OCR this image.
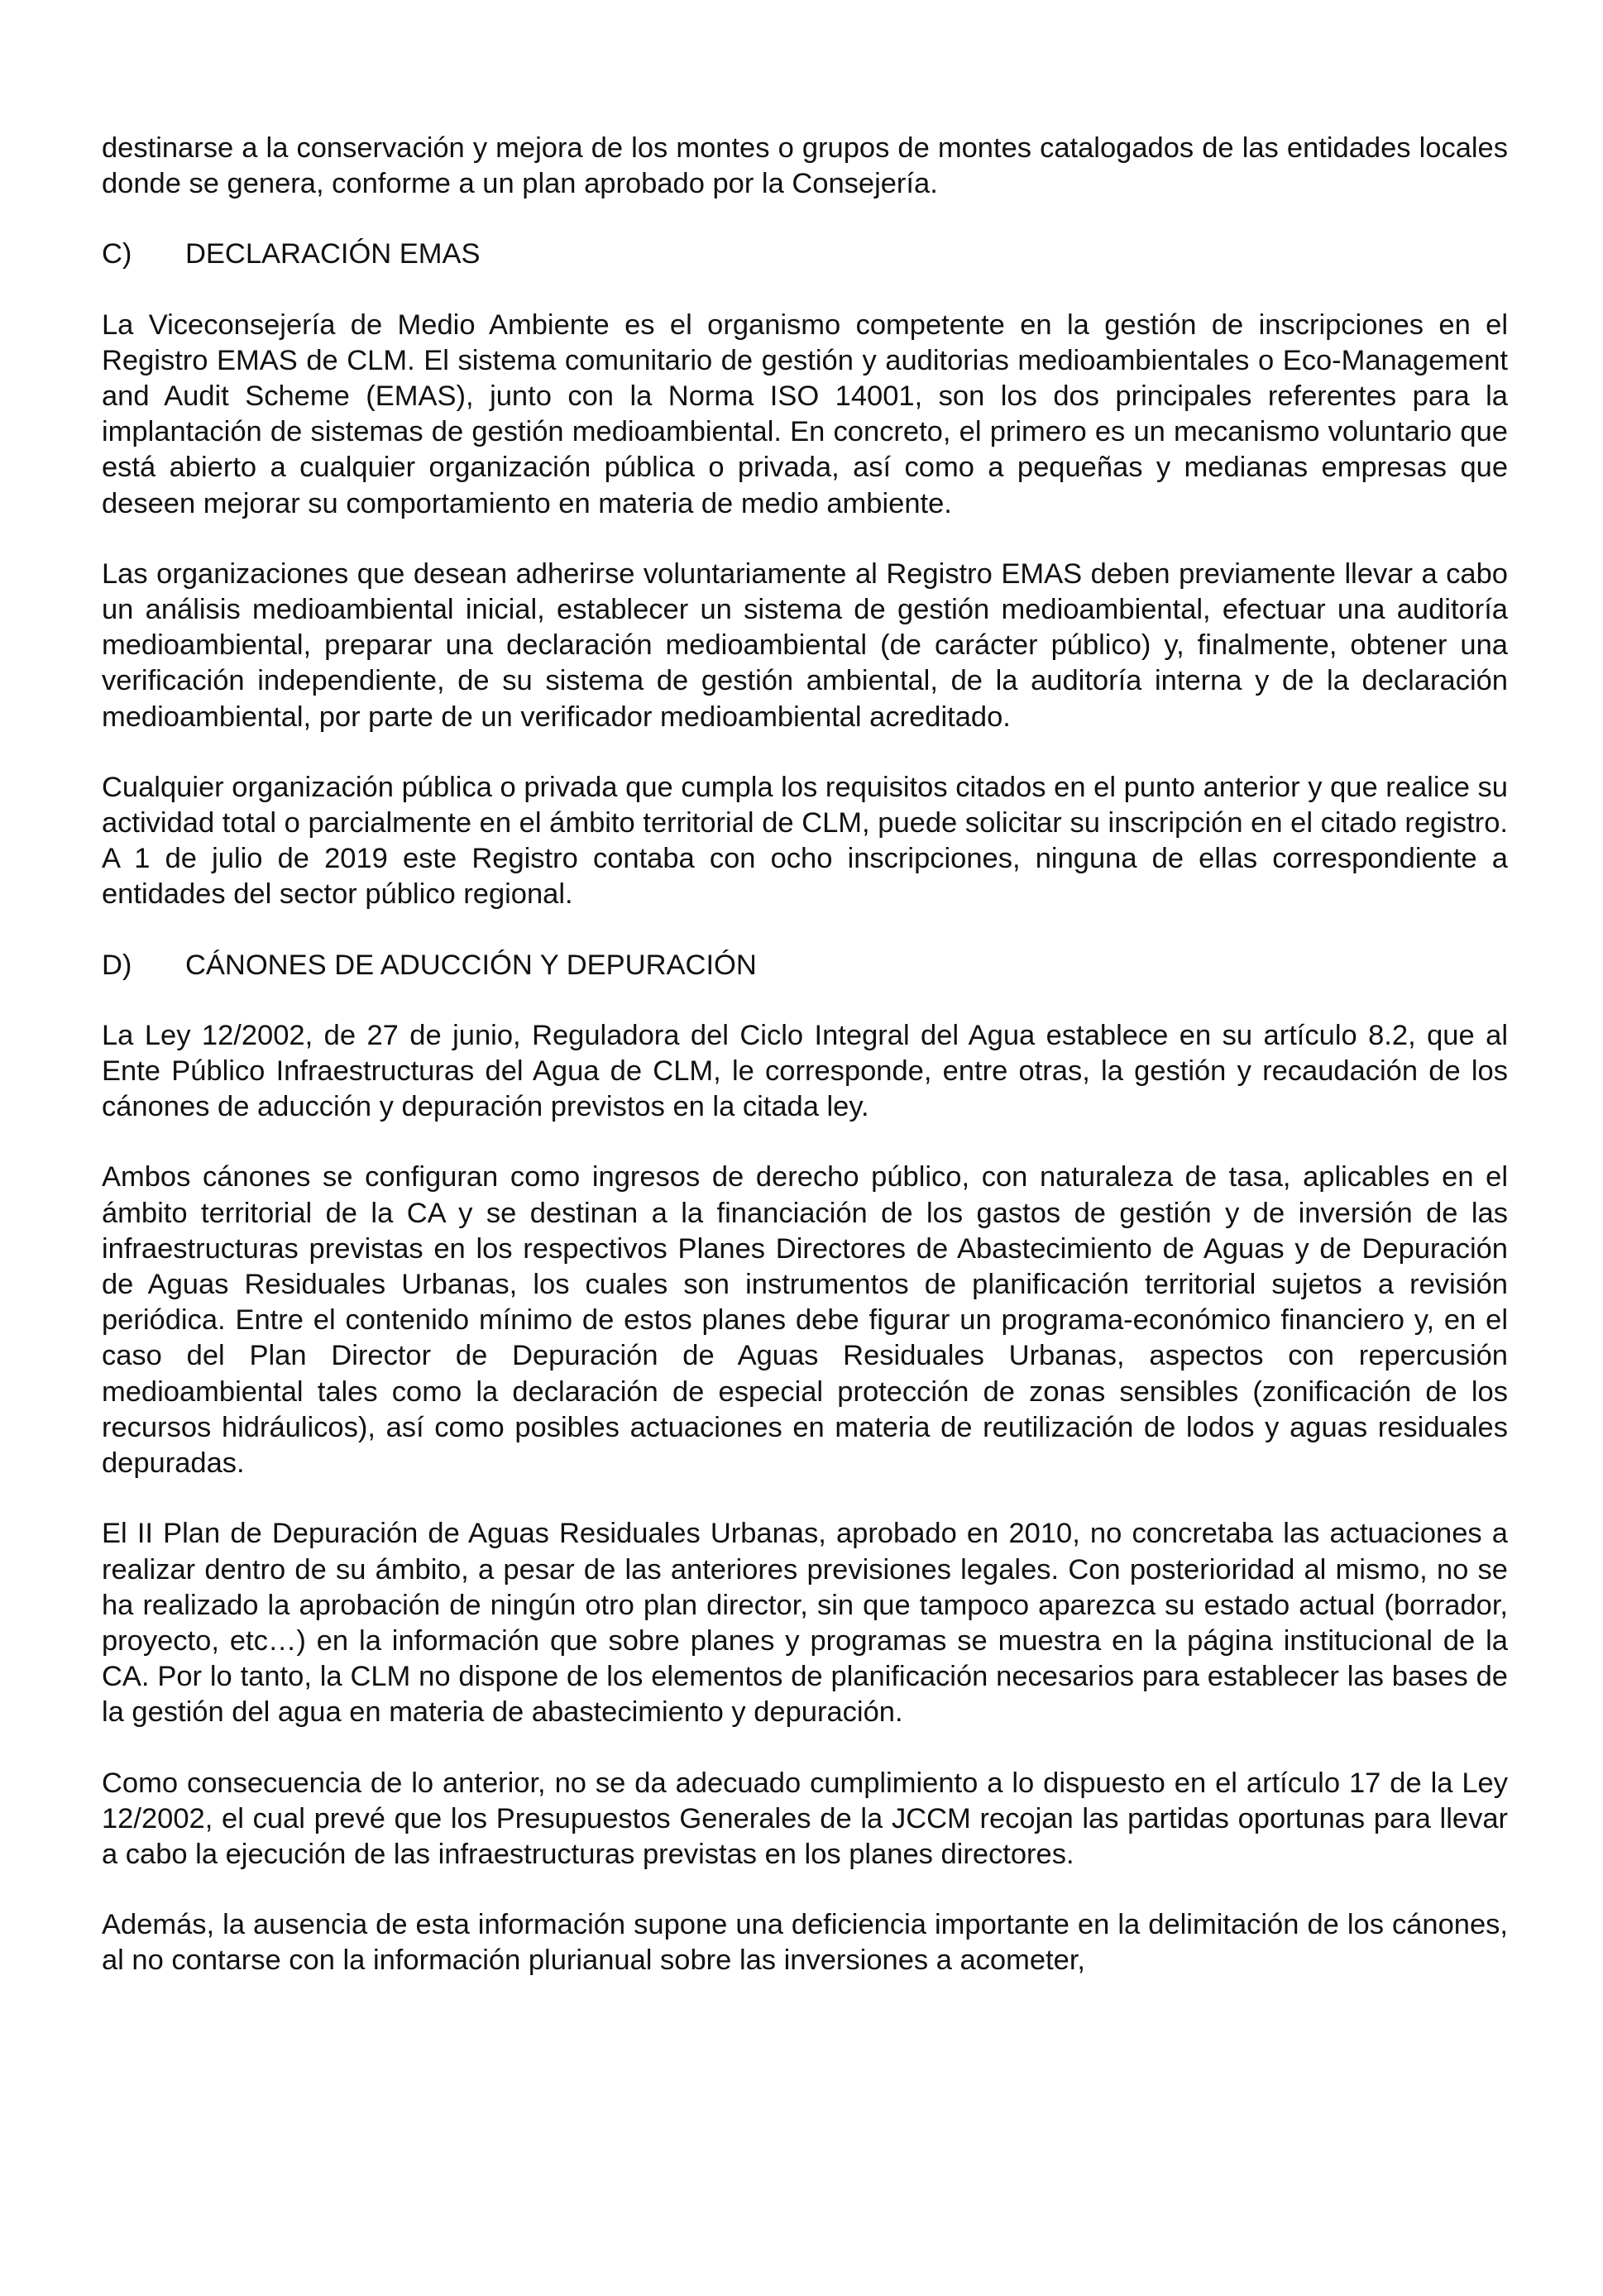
destinarse a la conservación y mejora de los montes o grupos de montes catalogados de las entidades locales donde se genera, conforme a un plan aprobado por la Consejería.

C)	DECLARACIÓN EMAS

La Viceconsejería de Medio Ambiente es el organismo competente en la gestión de inscripciones en el Registro EMAS de CLM. El sistema comunitario de gestión y auditorias medioambientales o Eco-Management and Audit Scheme (EMAS), junto con la Norma ISO 14001, son los dos principales referentes para la implantación de sistemas de gestión medioambiental. En concreto, el primero es un mecanismo voluntario que está abierto a cualquier organización pública o privada, así como a pequeñas y medianas empresas que deseen mejorar su comportamiento en materia de medio ambiente.

Las organizaciones que desean adherirse voluntariamente al Registro EMAS deben previamente llevar a cabo un análisis medioambiental inicial, establecer un sistema de gestión medioambiental, efectuar una auditoría medioambiental, preparar una declaración medioambiental (de carácter público) y, finalmente, obtener una verificación independiente, de su sistema de gestión ambiental, de la auditoría interna y de la declaración medioambiental, por parte de un verificador medioambiental acreditado.

Cualquier organización pública o privada que cumpla los requisitos citados en el punto anterior y que realice su actividad total o parcialmente en el ámbito territorial de CLM, puede solicitar su inscripción en el citado registro. A 1 de julio de 2019 este Registro contaba con ocho inscripciones, ninguna de ellas correspondiente a entidades del sector público regional.

D)	CÁNONES DE ADUCCIÓN Y DEPURACIÓN

La Ley 12/2002, de 27 de junio, Reguladora del Ciclo Integral del Agua establece en su artículo 8.2, que al Ente Público Infraestructuras del Agua de CLM, le corresponde, entre otras, la gestión y recaudación de los cánones de aducción y depuración previstos en la citada ley.

Ambos cánones se configuran como ingresos de derecho público, con naturaleza de tasa, aplicables en el ámbito territorial de la CA y se destinan a la financiación de los gastos de gestión y de inversión de las infraestructuras previstas en los respectivos Planes Directores de Abastecimiento de Aguas y de Depuración de Aguas Residuales Urbanas, los cuales son instrumentos de planificación territorial sujetos a revisión periódica. Entre el contenido mínimo de estos planes debe figurar un programa-económico financiero y, en el caso del Plan Director de Depuración de Aguas Residuales Urbanas, aspectos con repercusión medioambiental tales como la declaración de especial protección de zonas sensibles (zonificación de los recursos hidráulicos), así como posibles actuaciones en materia de reutilización de lodos y aguas residuales depuradas.

El II Plan de Depuración de Aguas Residuales Urbanas, aprobado en 2010, no concretaba las actuaciones a realizar dentro de su ámbito, a pesar de las anteriores previsiones legales. Con posterioridad al mismo, no se ha realizado la aprobación de ningún otro plan director, sin que tampoco aparezca su estado actual (borrador, proyecto, etc…) en la información que sobre planes y programas se muestra en la página institucional de la CA. Por lo tanto, la CLM no dispone de los elementos de planificación necesarios para establecer las bases de la gestión del agua en materia de abastecimiento y depuración.

Como consecuencia de lo anterior, no se da adecuado cumplimiento a lo dispuesto en el artículo 17 de la Ley 12/2002, el cual prevé que los Presupuestos Generales de la JCCM recojan las partidas oportunas para llevar a cabo la ejecución de las infraestructuras previstas en los planes directores.

Además, la ausencia de esta información supone una deficiencia importante en la delimitación de los cánones, al no contarse con la información plurianual sobre las inversiones a acometer,
